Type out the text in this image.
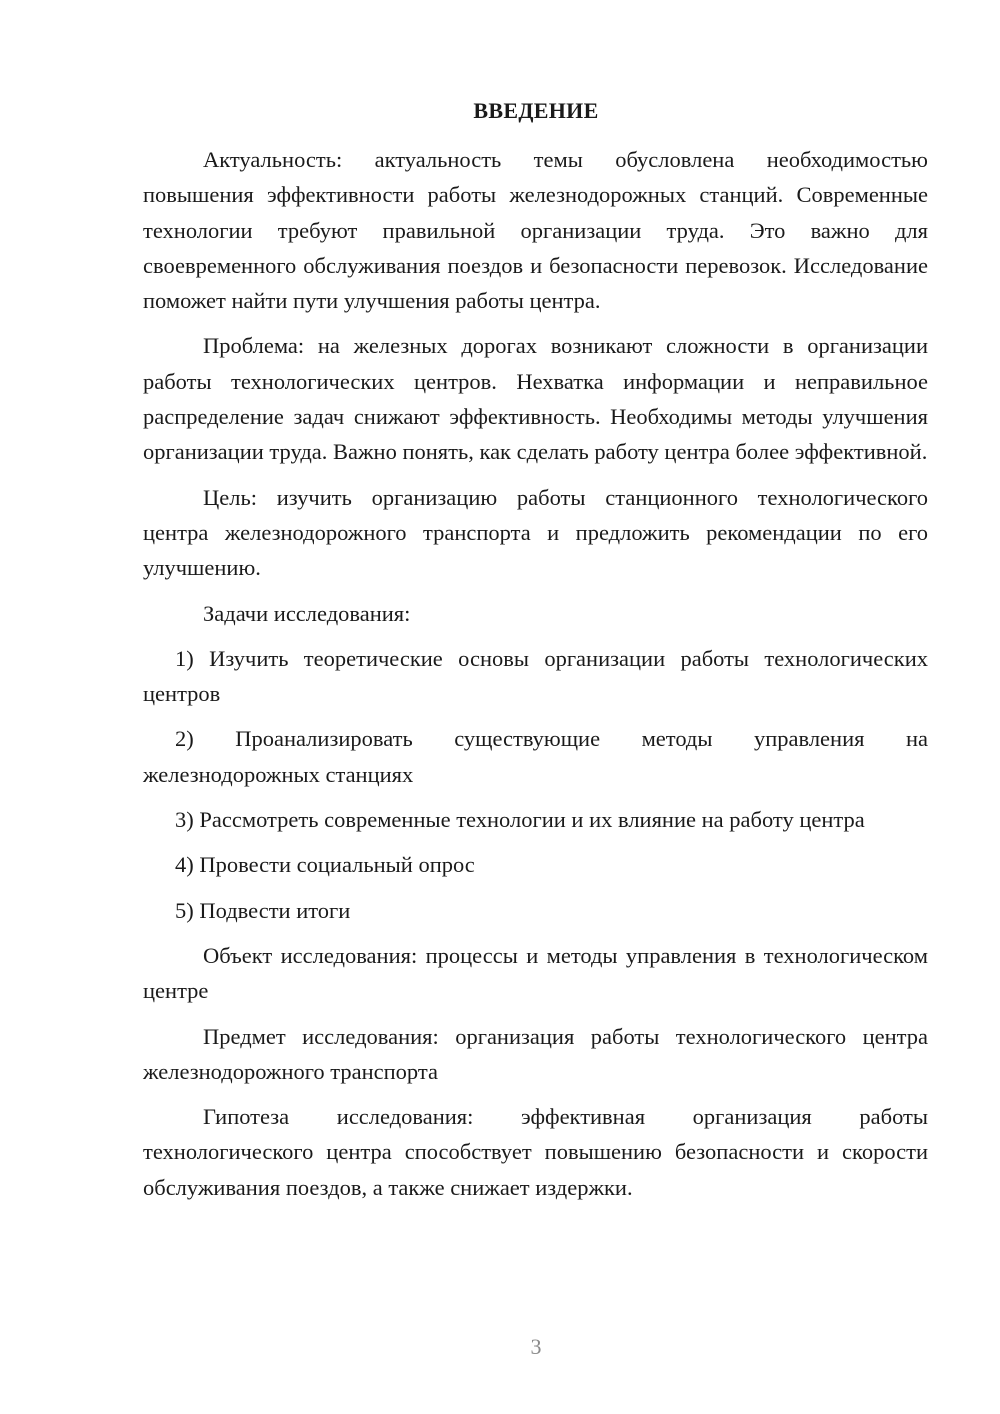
ВВЕДЕНИЕ

Актуальность: актуальность темы обусловлена необходимостью повышения эффективности работы железнодорожных станций. Современные технологии требуют правильной организации труда. Это важно для своевременного обслуживания поездов и безопасности перевозок. Исследование поможет найти пути улучшения работы центра.

Проблема: на железных дорогах возникают сложности в организации работы технологических центров. Нехватка информации и неправильное распределение задач снижают эффективность. Необходимы методы улучшения организации труда. Важно понять, как сделать работу центра более эффективной.

Цель: изучить организацию работы станционного технологического центра железнодорожного транспорта и предложить рекомендации по его улучшению.

Задачи исследования:

1) Изучить теоретические основы организации работы технологических центров

2) Проанализировать существующие методы управления на железнодорожных станциях

3) Рассмотреть современные технологии и их влияние на работу центра

4) Провести социальный опрос

5) Подвести итоги

Объект исследования: процессы и методы управления в технологическом центре

Предмет исследования: организация работы технологического центра железнодорожного транспорта

Гипотеза исследования: эффективная организация работы технологического центра способствует повышению безопасности и скорости обслуживания поездов, а также снижает издержки.

3
